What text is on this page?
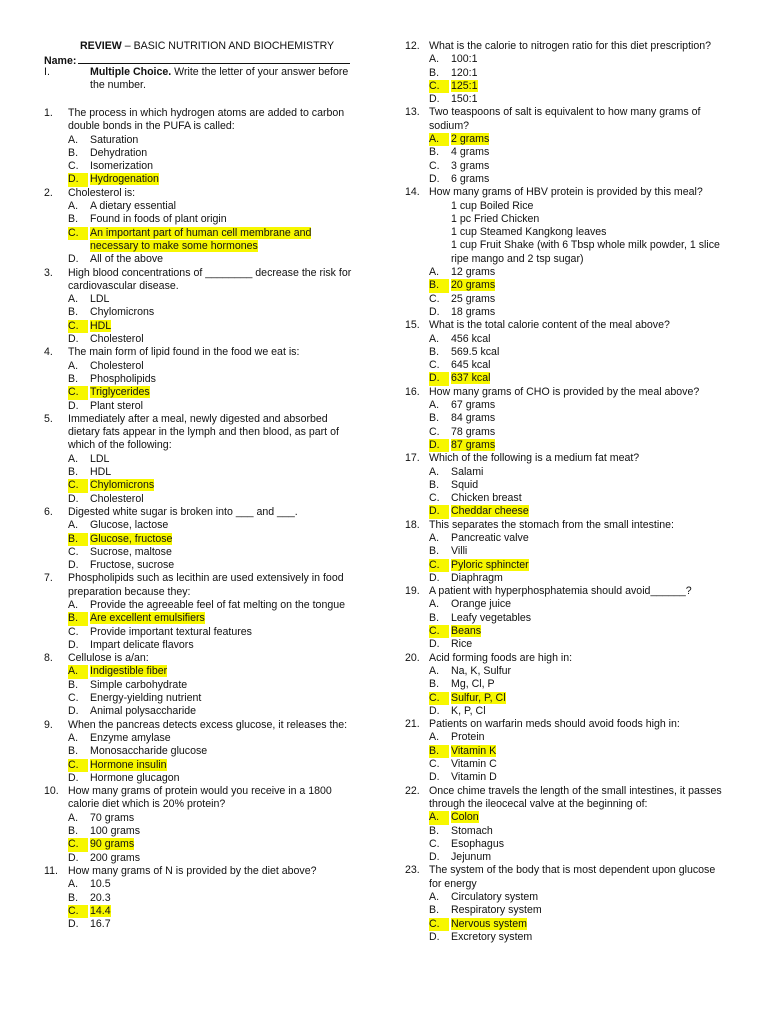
REVIEW – BASIC NUTRITION AND BIOCHEMISTRY
Name:
I.	Multiple Choice. Write the letter of your answer before the number.
1.	The process in which hydrogen atoms are added to carbon double bonds in the PUFA is called:
A.	Saturation
B.	Dehydration
C.	Isomerization
D.	Hydrogenation
2.	Cholesterol is:
A.	A dietary essential
B.	Found in foods of plant origin
C.	An important part of human cell membrane and necessary to make some hormones
D.	All of the above
3.	High blood concentrations of ________ decrease the risk for cardiovascular disease.
A.	LDL
B.	Chylomicrons
C.	HDL
D.	Cholesterol
4.	The main form of lipid found in the food we eat is:
A.	Cholesterol
B.	Phospholipids
C.	Triglycerides
D.	Plant sterol
5.	Immediately after a meal, newly digested and absorbed dietary fats appear in the lymph and then blood, as part of which of the following:
A.	LDL
B.	HDL
C.	Chylomicrons
D.	Cholesterol
6.	Digested white sugar is broken into ___ and ___.
A.	Glucose, lactose
B.	Glucose, fructose
C.	Sucrose, maltose
D.	Fructose, sucrose
7.	Phospholipids such as lecithin are used extensively in food preparation because they:
A.	Provide the agreeable feel of fat melting on the tongue
B.	Are excellent emulsifiers
C.	Provide important textural features
D.	Impart delicate flavors
8.	Cellulose is a/an:
A.	Indigestible fiber
B.	Simple carbohydrate
C.	Energy-yielding nutrient
D.	Animal polysaccharide
9.	When the pancreas detects excess glucose, it releases the:
A.	Enzyme amylase
B.	Monosaccharide glucose
C.	Hormone insulin
D.	Hormone glucagon
10. How many grams of protein would you receive in a 1800 calorie diet which is 20% protein?
A.	70 grams
B.	100 grams
C.	90 grams
D.	200 grams
11. How many grams of N is provided by the diet above?
A.	10.5
B.	20.3
C.	14.4
D.	16.7
12. What is the calorie to nitrogen ratio for this diet prescription?
A.	100:1
B.	120:1
C.	125:1
D.	150:1
13. Two teaspoons of salt is equivalent to how many grams of sodium?
A.	2 grams
B.	4 grams
C.	3 grams
D.	6 grams
14. How many grams of HBV protein is provided by this meal?
1 cup Boiled Rice
1 pc Fried Chicken
1 cup Steamed Kangkong leaves
1 cup Fruit Shake (with 6 Tbsp whole milk powder, 1 slice ripe mango and 2 tsp sugar)
A.	12 grams
B.	20 grams
C.	25 grams
D.	18 grams
15. What is the total calorie content of the meal above?
A.	456 kcal
B.	569.5 kcal
C.	645 kcal
D.	637 kcal
16. How many grams of CHO is provided by the meal above?
A.	67 grams
B.	84 grams
C.	78 grams
D.	87 grams
17. Which of the following is a medium fat meat?
A.	Salami
B.	Squid
C.	Chicken breast
D.	Cheddar cheese
18. This separates the stomach from the small intestine:
A.	Pancreatic valve
B.	Villi
C.	Pyloric sphincter
D.	Diaphragm
19. A patient with hyperphosphatemia should avoid______?
A.	Orange juice
B.	Leafy vegetables
C.	Beans
D.	Rice
20. Acid forming foods are high in:
A.	Na, K, Sulfur
B.	Mg, Cl, P
C.	Sulfur, P, Cl
D.	K, P, Cl
21. Patients on warfarin meds should avoid foods high in:
A.	Protein
B.	Vitamin K
C.	Vitamin C
D.	Vitamin D
22. Once chime travels the length of the small intestines, it passes through the ileocecal valve at the beginning of:
A.	Colon
B.	Stomach
C.	Esophagus
D.	Jejunum
23. The system of the body that is most dependent upon glucose for energy
A.	Circulatory system
B.	Respiratory system
C.	Nervous system
D.	Excretory system
